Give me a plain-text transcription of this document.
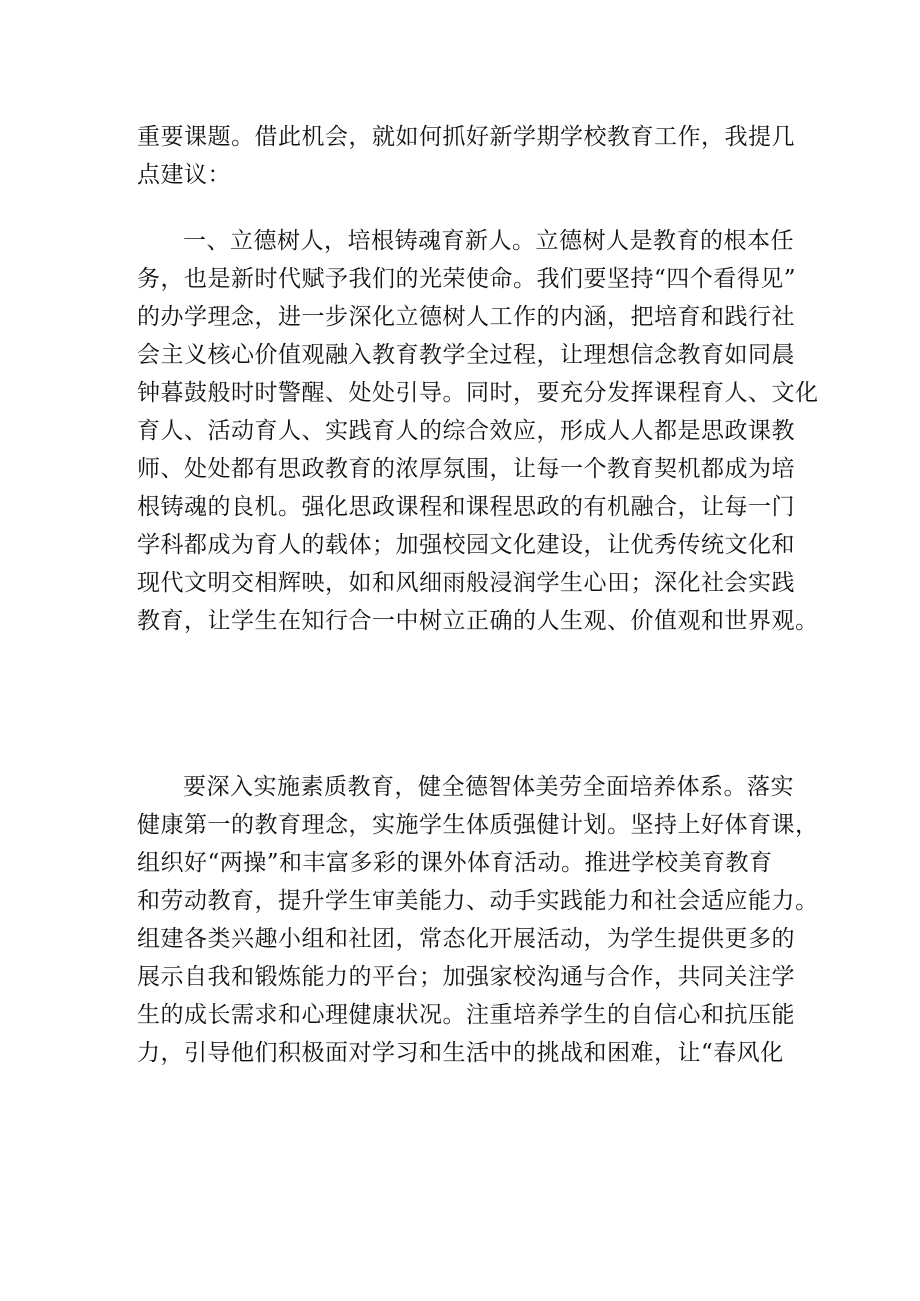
重要课题。借此机会，就如何抓好新学期学校教育工作，我提几
点建议：

一、立德树人，培根铸魂育新人。立德树人是教育的根本任
务，也是新时代赋予我们的光荣使命。我们要坚持“四个看得见”
的办学理念，进一步深化立德树人工作的内涵，把培育和践行社
会主义核心价值观融入教育教学全过程，让理想信念教育如同晨
钟暮鼓般时时警醒、处处引导。同时，要充分发挥课程育人、文化
育人、活动育人、实践育人的综合效应，形成人人都是思政课教
师、处处都有思政教育的浓厚氛围，让每一个教育契机都成为培
根铸魂的良机。强化思政课程和课程思政的有机融合，让每一门
学科都成为育人的载体；加强校园文化建设，让优秀传统文化和
现代文明交相辉映，如和风细雨般浸润学生心田；深化社会实践
教育，让学生在知行合一中树立正确的人生观、价值观和世界观。

要深入实施素质教育，健全德智体美劳全面培养体系。落实
健康第一的教育理念，实施学生体质强健计划。坚持上好体育课，
组织好“两操”和丰富多彩的课外体育活动。推进学校美育教育
和劳动教育，提升学生审美能力、动手实践能力和社会适应能力。
组建各类兴趣小组和社团，常态化开展活动，为学生提供更多的
展示自我和锻炼能力的平台；加强家校沟通与合作，共同关注学
生的成长需求和心理健康状况。注重培养学生的自信心和抗压能
力，引导他们积极面对学习和生活中的挑战和困难，让“春风化
